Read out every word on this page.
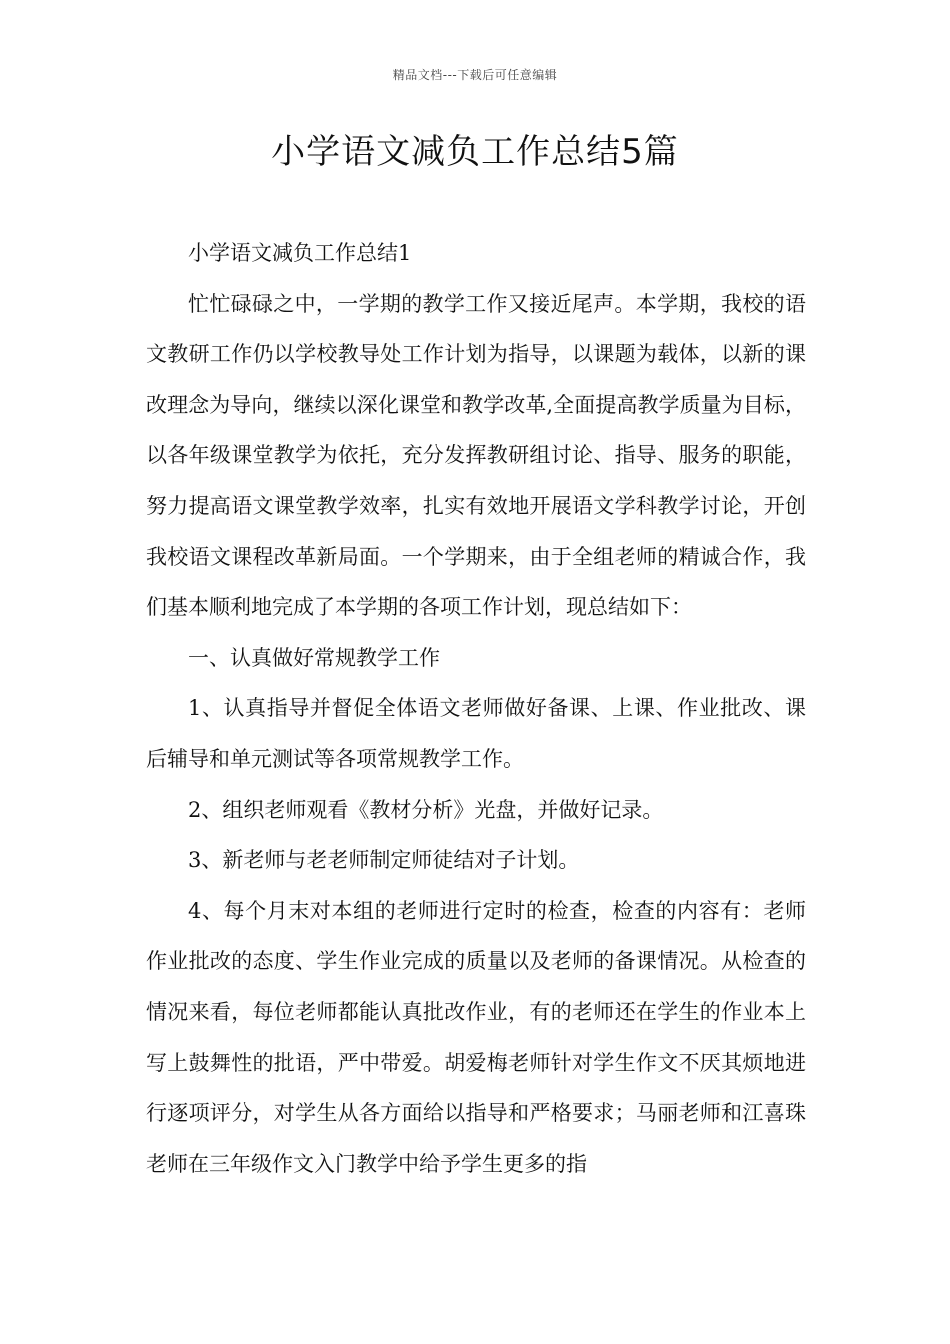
精品文档---下载后可任意编辑
小学语文减负工作总结5篇

小学语文减负工作总结1

忙忙碌碌之中，一学期的教学工作又接近尾声。本学期，我校的语文教研工作仍以学校教导处工作计划为指导，以课题为载体，以新的课改理念为导向，继续以深化课堂和教学改革,全面提高教学质量为目标，以各年级课堂教学为依托，充分发挥教研组讨论、指导、服务的职能，努力提高语文课堂教学效率，扎实有效地开展语文学科教学讨论，开创我校语文课程改革新局面。一个学期来，由于全组老师的精诚合作，我们基本顺利地完成了本学期的各项工作计划，现总结如下：

一、认真做好常规教学工作

1、认真指导并督促全体语文老师做好备课、上课、作业批改、课后辅导和单元测试等各项常规教学工作。

2、组织老师观看《教材分析》光盘，并做好记录。

3、新老师与老老师制定师徒结对子计划。

4、每个月末对本组的老师进行定时的检查，检查的内容有：老师作业批改的态度、学生作业完成的质量以及老师的备课情况。从检查的情况来看，每位老师都能认真批改作业，有的老师还在学生的作业本上写上鼓舞性的批语，严中带爱。胡爱梅老师针对学生作文不厌其烦地进行逐项评分，对学生从各方面给以指导和严格要求；马丽老师和江喜珠老师在三年级作文入门教学中给予学生更多的指
